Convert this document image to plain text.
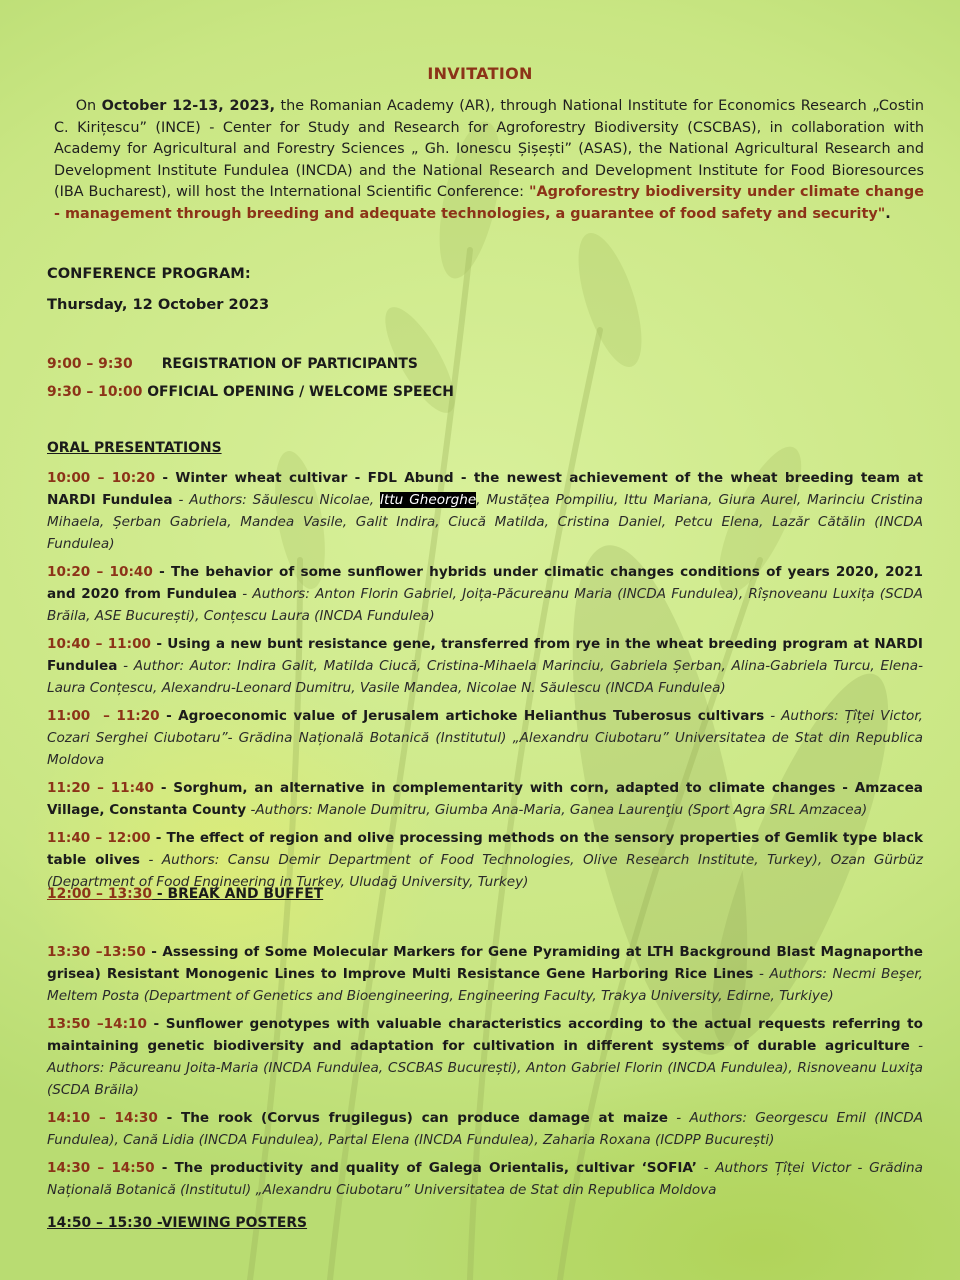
INVITATION
On October 12-13, 2023, the Romanian Academy (AR), through National Institute for Economics Research „Costin C. Kirițescu” (INCE) - Center for Study and Research for Agroforestry Biodiversity (CSCBAS), in collaboration with Academy for Agricultural and Forestry Sciences „ Gh. Ionescu Șișești” (ASAS), the National Agricultural Research and Development Institute Fundulea (INCDA) and the National Research and Development Institute for Food Bioresources (IBA Bucharest), will host the International Scientific Conference: "Agroforestry biodiversity under climate change - management through breeding and adequate technologies, a guarantee of food safety and security".
CONFERENCE PROGRAM:
Thursday, 12 October 2023
9:00 – 9:30      REGISTRATION OF PARTICIPANTS
9:30 – 10:00 OFFICIAL OPENING / WELCOME SPEECH
ORAL PRESENTATIONS
10:00 – 10:20 - Winter wheat cultivar - FDL Abund - the newest achievement of the wheat breeding team at NARDI Fundulea - Authors: Săulescu Nicolae, Ittu Gheorghe, Mustățea Pompiliu, Ittu Mariana, Giura Aurel, Marinciu Cristina Mihaela, Șerban Gabriela, Mandea Vasile, Galit Indira, Ciucă Matilda, Cristina Daniel, Petcu Elena, Lazăr Cătălin (INCDA Fundulea)
10:20 – 10:40 - The behavior of some sunflower hybrids under climatic changes conditions of years 2020, 2021 and 2020 from Fundulea - Authors: Anton Florin Gabriel, Joița-Păcureanu Maria (INCDA Fundulea), Rîșnoveanu Luxița (SCDA Brăila, ASE București), Conțescu Laura (INCDA Fundulea)
10:40 – 11:00 - Using a new bunt resistance gene, transferred from rye in the wheat breeding program at NARDI Fundulea - Author: Autor: Indira Galit, Matilda Ciucă, Cristina-Mihaela Marinciu, Gabriela Șerban, Alina-Gabriela Turcu, Elena-Laura Conțescu, Alexandru-Leonard Dumitru, Vasile Mandea, Nicolae N. Săulescu (INCDA Fundulea)
11:00  – 11:20 - Agroeconomic value of Jerusalem artichoke Helianthus Tuberosus cultivars - Authors: Țîței Victor, Cozari Serghei Ciubotaru”- Grădina Națională Botanică (Institutul) „Alexandru Ciubotaru” Universitatea de Stat din Republica Moldova
11:20 – 11:40 - Sorghum, an alternative in complementarity with corn, adapted to climate changes - Amzacea Village, Constanta County -Authors: Manole Dumitru, Giumba Ana-Maria, Ganea Laurenţiu (Sport Agra SRL Amzacea)
11:40 – 12:00 - The effect of region and olive processing methods on the sensory properties of Gemlik type black table olives - Authors: Cansu Demir Department of Food Technologies, Olive Research Institute, Turkey), Ozan Gürbüz (Department of Food Engineering in Turkey, Uludağ University, Turkey)
12:00 – 13:30 - BREAK AND BUFFET
13:30 –13:50 - Assessing of Some Molecular Markers for Gene Pyramiding at LTH Background Blast Magnaporthe grisea) Resistant Monogenic Lines to Improve Multi Resistance Gene Harboring Rice Lines - Authors: Necmi Beşer, Meltem Posta (Department of Genetics and Bioengineering, Engineering Faculty, Trakya University, Edirne, Turkiye)
13:50 –14:10 - Sunflower genotypes with valuable characteristics according to the actual requests referring to maintaining genetic biodiversity and adaptation for cultivation in different systems of durable agriculture - Authors: Păcureanu Joita-Maria (INCDA Fundulea, CSCBAS București), Anton Gabriel Florin (INCDA Fundulea), Risnoveanu Luxiţa (SCDA Brăila)
14:10 – 14:30 - The rook (Corvus frugilegus) can produce damage at maize - Authors: Georgescu Emil (INCDA Fundulea), Cană Lidia (INCDA Fundulea), Partal Elena (INCDA Fundulea), Zaharia Roxana (ICDPP București)
14:30 – 14:50 - The productivity and quality of Galega Orientalis, cultivar ‘SOFIA’ - Authors Țîței Victor - Grădina Națională Botanică (Institutul) „Alexandru Ciubotaru” Universitatea de Stat din Republica Moldova
14:50 – 15:30 -VIEWING POSTERS
